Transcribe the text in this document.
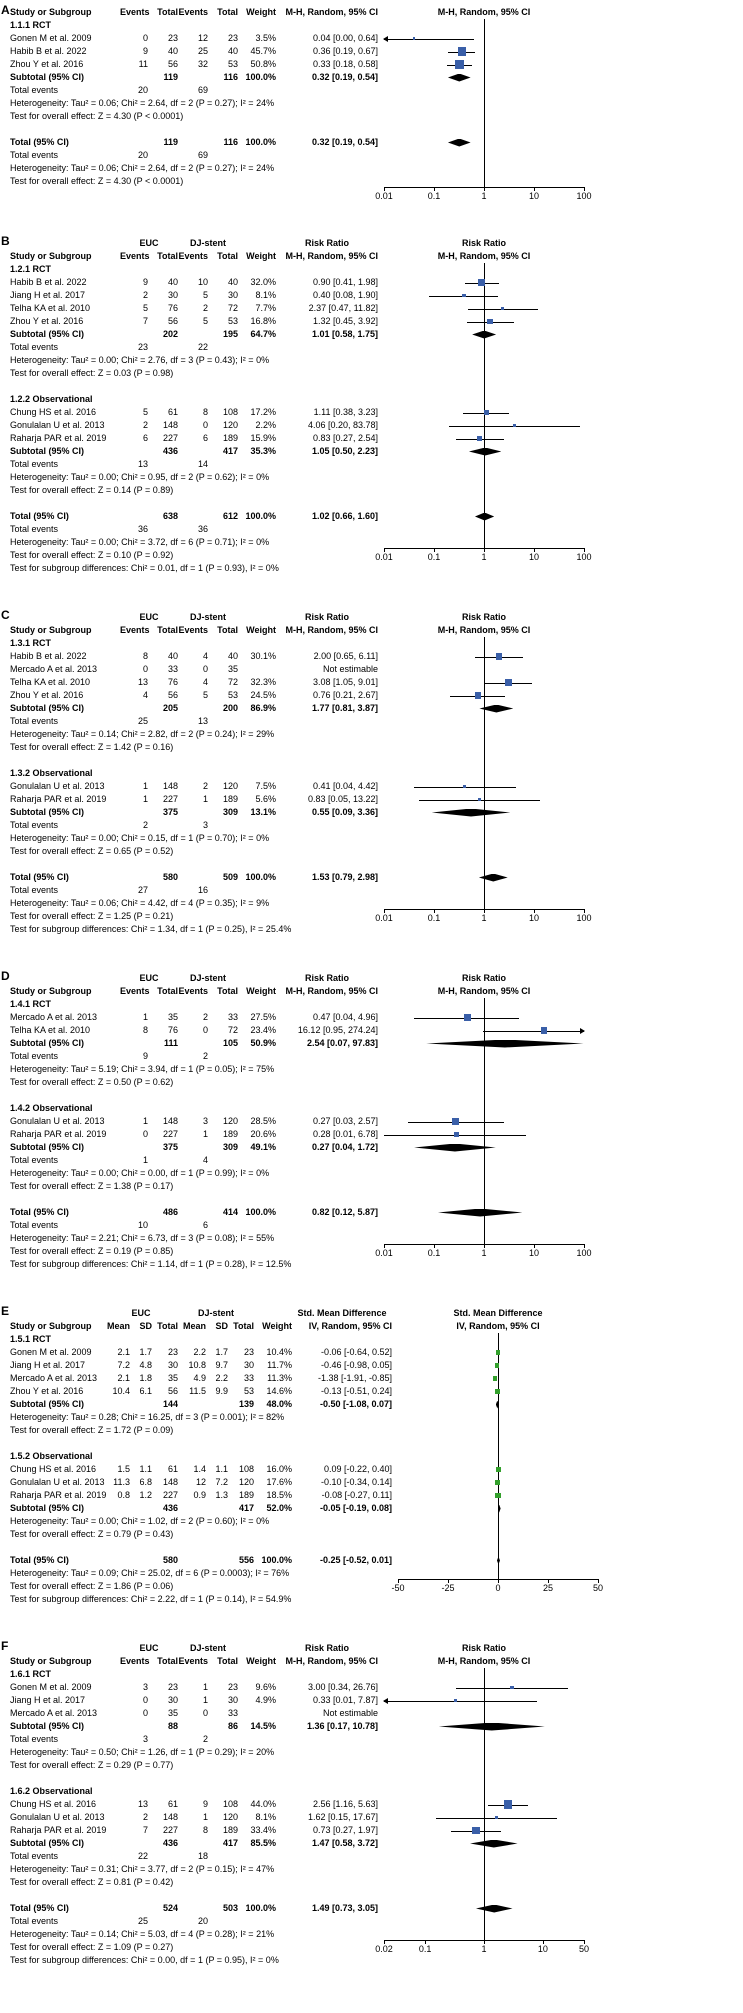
A Study or Subgroup	Events Total Events	Total Weight	M-H, Random, 95% CI
1.1.1 RCT
Gonen M et al. 2009	0	23	12	23	3.5%	0.04 [0.00, 0.64]
Habib B et al. 2022	9	40	25	40	45.7%	0.36 [0.19, 0.67]
Zhou Y et al. 2016	11	56	32	53	50.8%	0.33 [0.18, 0.58]
Subtotal (95% CI)	119	116 100.0%	0.32 [0.19, 0.54]
Total events	20	69
Heterogeneity: Tau² = 0.06; Chi² = 2.64, df = 2 (P = 0.27); I² = 24%
Test for overall effect: Z = 4.30 (P < 0.0001)
Total (95% CI)	119	116 100.0%	0.32 [0.19, 0.54]
Total events	20	69
Heterogeneity: Tau² = 0.06; Chi² = 2.64, df = 2 (P = 0.27); I² = 24%
Test for overall effect: Z = 4.30 (P < 0.0001)
M-H, Random, 95% CI
0.01	0.1	1	10	100
B	EUC	DJ-stent	Risk Ratio
Study or Subgroup	Events Total Events	Total Weight	M-H, Random, 95% CI
1.2.1 RCT
Habib B et al. 2022	9	40	10	40	32.0%	0.90 [0.41, 1.98]
Jiang H et al. 2017	2	30	5	30	8.1%	0.40 [0.08, 1.90]
Telha KA et al. 2010	5	76	2	72	7.7%	2.37 [0.47, 11.82]
Zhou Y et al. 2016	7	56	5	53	16.8%	1.32 [0.45, 3.92]
Subtotal (95% CI)	202	195	64.7%	1.01 [0.58, 1.75]
Total events	23	22
Heterogeneity: Tau² = 0.00; Chi² = 2.76, df = 3 (P = 0.43); I² = 0%
Test for overall effect: Z = 0.03 (P = 0.98)
1.2.2 Observational
Chung HS et al. 2016	5	61	8	108	17.2%	1.11 [0.38, 3.23]
Gonulalan U et al. 2013	2	148	0	120	2.2%	4.06 [0.20, 83.78]
Raharja PAR et al. 2019	6	227	6	189	15.9%	0.83 [0.27, 2.54]
Subtotal (95% CI)	436	417	35.3%	1.05 [0.50, 2.23]
Total events	13	14
Heterogeneity: Tau² = 0.00; Chi² = 0.95, df = 2 (P = 0.62); I² = 0%
Test for overall effect: Z = 0.14 (P = 0.89)
Total (95% CI)	638	612 100.0%	1.02 [0.66, 1.60]
Total events	36	36
Heterogeneity: Tau² = 0.00; Chi² = 3.72, df = 6 (P = 0.71); I² = 0%
Test for overall effect: Z = 0.10 (P = 0.92)
Test for subgroup differences: Chi² = 0.01, df = 1 (P = 0.93), I² = 0%
Risk Ratio
M-H, Random, 95% CI
0.01	0.1	1	10	100
C	EUC	DJ-stent	Risk Ratio
Study or Subgroup	Events Total Events	Total Weight	M-H, Random, 95% CI
1.3.1 RCT
Habib B et al. 2022	8	40	4	40	30.1%	2.00 [0.65, 6.11]
Mercado A et al. 2013	0	33	0	35	Not estimable
Telha KA et al. 2010	13	76	4	72	32.3%	3.08 [1.05, 9.01]
Zhou Y et al. 2016	4	56	5	53	24.5%	0.76 [0.21, 2.67]
Subtotal (95% CI)	205	200	86.9%	1.77 [0.81, 3.87]
Total events	25	13
Heterogeneity: Tau² = 0.14; Chi² = 2.82, df = 2 (P = 0.24); I² = 29%
Test for overall effect: Z = 1.42 (P = 0.16)
1.3.2 Observational
Gonulalan U et al. 2013	1	148	2	120	7.5%	0.41 [0.04, 4.42]
Raharja PAR et al. 2019	1	227	1	189	5.6%	0.83 [0.05, 13.22]
Subtotal (95% CI)	375	309	13.1%	0.55 [0.09, 3.36]
Total events	2	3
Heterogeneity: Tau² = 0.00; Chi² = 0.15, df = 1 (P = 0.70); I² = 0%
Test for overall effect: Z = 0.65 (P = 0.52)
Total (95% CI)	580	509 100.0%	1.53 [0.79, 2.98]
Total events	27	16
Heterogeneity: Tau² = 0.06; Chi² = 4.42, df = 4 (P = 0.35); I² = 9%
Test for overall effect: Z = 1.25 (P = 0.21)
Test for subgroup differences: Chi² = 1.34, df = 1 (P = 0.25), I² = 25.4%
Risk Ratio
M-H, Random, 95% CI
0.01	0.1	1	10	100
D	EUC	DJ-stent	Risk Ratio
Study or Subgroup	Events Total Events	Total Weight	M-H, Random, 95% CI
1.4.1 RCT
Mercado A et al. 2013	1	35	2	33	27.5%	0.47 [0.04, 4.96]
Telha KA et al. 2010	8	76	0	72	23.4%	16.12 [0.95, 274.24]
Subtotal (95% CI)	111	105	50.9%	2.54 [0.07, 97.83]
Total events	9	2
Heterogeneity: Tau² = 5.19; Chi² = 3.94, df = 1 (P = 0.05); I² = 75%
Test for overall effect: Z = 0.50 (P = 0.62)
1.4.2 Observational
Gonulalan U et al. 2013	1	148	3	120	28.5%	0.27 [0.03, 2.57]
Raharja PAR et al. 2019	0	227	1	189	20.6%	0.28 [0.01, 6.78]
Subtotal (95% CI)	375	309	49.1%	0.27 [0.04, 1.72]
Total events	1	4
Heterogeneity: Tau² = 0.00; Chi² = 0.00, df = 1 (P = 0.99); I² = 0%
Test for overall effect: Z = 1.38 (P = 0.17)
Total (95% CI)	486	414 100.0%	0.82 [0.12, 5.87]
Total events	10	6
Heterogeneity: Tau² = 2.21; Chi² = 6.73, df = 3 (P = 0.08); I² = 55%
Test for overall effect: Z = 0.19 (P = 0.85)
Test for subgroup differences: Chi² = 1.14, df = 1 (P = 0.28), I² = 12.5%
Risk Ratio
M-H, Random, 95% CI
0.01	0.1	1	10	100
E	EUC	DJ-stent	Std. Mean Difference
Study or Subgroup	Mean	SD Total Mean	SD Total Weight	IV, Random, 95% CI
1.5.1 RCT
Gonen M et al. 2009	2.1	1.7	23	2.2	1.7	23	10.4%	-0.06 [-0.64, 0.52]
Jiang H et al. 2017	7.2	4.8	30	10.8	9.7	30	11.7%	-0.46 [-0.98, 0.05]
Mercado A et al. 2013	2.1	1.8	35	4.9	2.2	33	11.3%	-1.38 [-1.91, -0.85]
Zhou Y et al. 2016	10.4	6.1	56	11.5	9.9	53	14.6%	-0.13 [-0.51, 0.24]
Subtotal (95% CI)	144	139	48.0%	-0.50 [-1.08, 0.07]
Heterogeneity: Tau² = 0.28; Chi² = 16.25, df = 3 (P = 0.001); I² = 82%
Test for overall effect: Z = 1.72 (P = 0.09)
1.5.2 Observational
Chung HS et al. 2016	1.5	1.1	61	1.4	1.1	108	16.0%	0.09 [-0.22, 0.40]
Gonulalan U et al. 2013 11.3	6.8	148	12	7.2	120	17.6%	-0.10 [-0.34, 0.14]
Raharja PAR et al. 2019	0.8	1.2	227	0.9	1.3	189	18.5%	-0.08 [-0.27, 0.11]
Subtotal (95% CI)	436	417	52.0%	-0.05 [-0.19, 0.08]
Heterogeneity: Tau² = 0.00; Chi² = 1.02, df = 2 (P = 0.60); I² = 0%
Test for overall effect: Z = 0.79 (P = 0.43)
Total (95% CI)	580	556 100.0%	-0.25 [-0.52, 0.01]
Heterogeneity: Tau² = 0.09; Chi² = 25.02, df = 6 (P = 0.0003); I² = 76%
Test for overall effect: Z = 1.86 (P = 0.06)
Test for subgroup differences: Chi² = 2.22, df = 1 (P = 0.14), I² = 54.9%
Std. Mean Difference
IV, Random, 95% CI
-50	-25	0	25	50
F	EUC	DJ-stent	Risk Ratio
Study or Subgroup	Events Total Events	Total Weight	M-H, Random, 95% CI
1.6.1 RCT
Gonen M et al. 2009	3	23	1	23	9.6%	3.00 [0.34, 26.76]
Jiang H et al. 2017	0	30	1	30	4.9%	0.33 [0.01, 7.87]
Mercado A et al. 2013	0	35	0	33	Not estimable
Subtotal (95% CI)	88	86	14.5%	1.36 [0.17, 10.78]
Total events	3	2
Heterogeneity: Tau² = 0.50; Chi² = 1.26, df = 1 (P = 0.29); I² = 20%
Test for overall effect: Z = 0.29 (P = 0.77)
1.6.2 Observational
Chung HS et al. 2016	13	61	9	108	44.0%	2.56 [1.16, 5.63]
Gonulalan U et al. 2013	2	148	1	120	8.1%	1.62 [0.15, 17.67]
Raharja PAR et al. 2019	7	227	8	189	33.4%	0.73 [0.27, 1.97]
Subtotal (95% CI)	436	417	85.5%	1.47 [0.58, 3.72]
Total events	22	18
Heterogeneity: Tau² = 0.31; Chi² = 3.77, df = 2 (P = 0.15); I² = 47%
Test for overall effect: Z = 0.81 (P = 0.42)
Total (95% CI)	524	503 100.0%	1.49 [0.73, 3.05]
Total events	25	20
Heterogeneity: Tau² = 0.14; Chi² = 5.03, df = 4 (P = 0.28); I² = 21%
Test for overall effect: Z = 1.09 (P = 0.27)
Test for subgroup differences: Chi² = 0.00, df = 1 (P = 0.95), I² = 0%
Risk Ratio
M-H, Random, 95% CI
0.02	0.1	1	10	50
